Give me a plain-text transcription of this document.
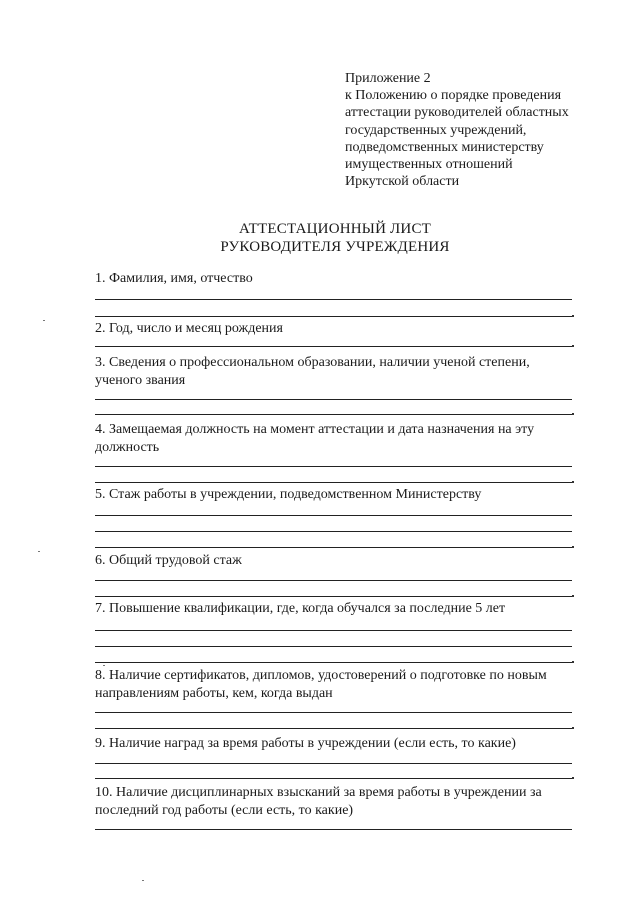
Приложение 2
к Положению о порядке проведения
аттестации руководителей областных
государственных учреждений,
подведомственных министерству
имущественных отношений
Иркутской области
АТТЕСТАЦИОННЫЙ ЛИСТ
РУКОВОДИТЕЛЯ УЧРЕЖДЕНИЯ
1. Фамилия, имя, отчество
2. Год, число и месяц рождения
3. Сведения о профессиональном образовании, наличии ученой степени, ученого звания
4. Замещаемая должность на момент аттестации и дата назначения на эту должность
5. Стаж работы в учреждении, подведомственном Министерству
6. Общий трудовой стаж
7. Повышение квалификации, где, когда обучался за последние 5 лет
8. Наличие сертификатов, дипломов, удостоверений о подготовке по новым направлениям работы, кем, когда выдан
9. Наличие наград за время работы в учреждении (если есть, то какие)
10. Наличие дисциплинарных взысканий за время работы в учреждении за последний год работы (если есть, то какие)
